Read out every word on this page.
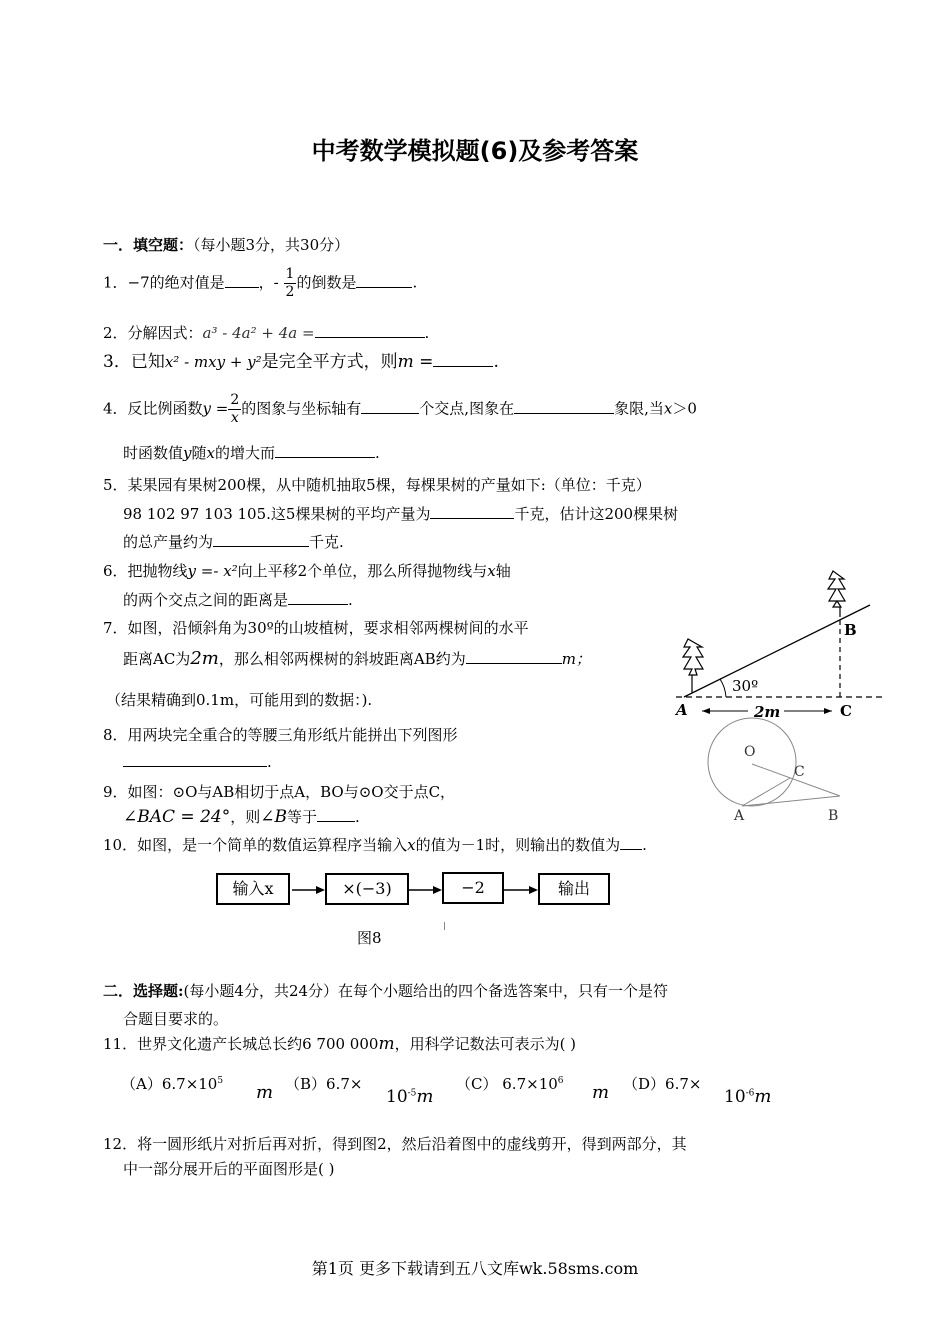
中考数学模拟题(6)及参考答案
一．填空题：（每小题3分，共30分）
1．−7的绝对值是 ，- $\frac{1}{2}$ 的倒数是	.
2．分解因式：a³ - 4a² + 4a =	.
3．已知x² - mxy + y²是完全平方式，则m =	.
4．反比例函数$y = \frac{2}{x}$ 的图象与坐标轴有	个交点,图象在	象限,当x＞0
时函数值y随x的增大而	.
5．某果园有果树200棵，从中随机抽取5棵，每棵果树的产量如下:（单位：千克）
98 102 97 103 105.这5棵果树的平均产量为	千克，估计这200棵果树
的总产量约为	千克.
6．把抛物线y =- x²向上平移2个单位，那么所得抛物线与x轴
的两个交点之间的距离是	.
7．如图，沿倾斜角为30º的山坡植树，要求相邻两棵树间的水平
距离AC为2m，那么相邻两棵树的斜坡距离AB约为	m；
（结果精确到0.1m，可能用到的数据：).
A
B
C
30º
2m
8．用两块完全重合的等腰三角形纸片能拼出下列图形
.
O
C
A	B
9．如图：⊙O与AB相切于点A，BO与⊙O交于点C，
∠BAC = 24°，则∠B等于	.
10．如图，是一个简单的数值运算程序当输入x的值为－1时，则输出的数值为 .
输入x	×(−3)	−2	输出
图8
二．选择题:(每小题4分，共24分）在每个小题给出的四个备选答案中，只有一个是符
合题目要求的。
11．世界文化遗产长城总长约6 700 000m，用科学记数法可表示为( )
$(A)6.7\times 10^5$
m （B）6.7×
$10^{-5}m$
（C） $6.7\times 10^6$
m （D）6.7×
$10^{-6}m$
12．将一圆形纸片对折后再对折，得到图2，然后沿着图中的虚线剪开，得到两部分，其
中一部分展开后的平面图形是( )
第1页 更多下载请到五八文库wk.58sms.com
